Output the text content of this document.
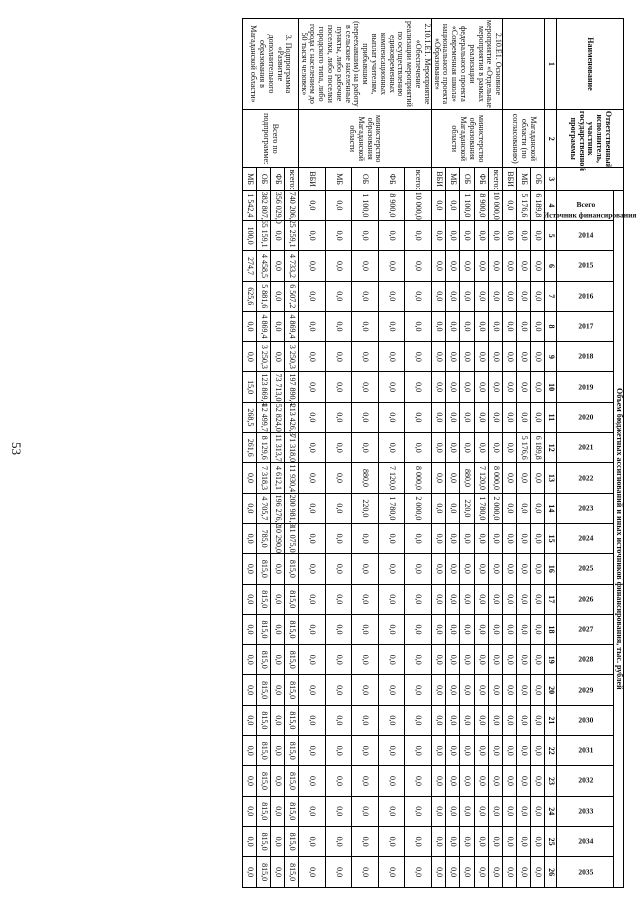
53
Наименование	Ответственный исполнитель, участник государственной программы	Источник финансирования	Объем бюджетных ассигнований и иных источников финансирования, тыс. рублей																						
			Всего	2014	2015	2016	2017	2018	2019	2020	2021	2022	2023	2024	2025	2026	2027	2028	2029	2030	2031	2032	2033	2034	2035

1	2	3	4	5	6	7	8	9	10	11	12	13	14	15	16	17	18	19	20	21	22	23	24	25	26
	Магаданской области (по согласованию)	ОБ	6 189,8	0,0	0,0	0,0	0,0	0,0	0,0	0,0	6 189,8	0,0	0,0	0,0	0,0	0,0	0,0	0,0	0,0	0,0	0,0	0,0	0,0	0,0	0,0
		МБ	5 176,6	0,0	0,0	0,0	0,0	0,0	0,0	0,0	5 176,6	0,0	0,0	0,0	0,0	0,0	0,0	0,0	0,0	0,0	0,0	0,0	0,0	0,0	0,0
		ВБИ	0,0	0,0	0,0	0,0	0,0	0,0	0,0	0,0	0,0	0,0	0,0	0,0	0,0	0,0	0,0	0,0	0,0	0,0	0,0	0,0	0,0	0,0	0,0
2.10.Е1. Основное мероприятие «Отдельные мероприятия в рамках реализации федерального проекта «Современная школа» национального проекта «Образование»	министерство образования Магаданской области	всего:	10 000,0	0,0	0,0	0,0	0,0	0,0	0,0	0,0	0,0	8 000,0	2 000,0	0,0	0,0	0,0	0,0	0,0	0,0	0,0	0,0	0,0	0,0	0,0	0,0
		ФБ	8 900,0	0,0	0,0	0,0	0,0	0,0	0,0	0,0	0,0	7 120,0	1 780,0	0,0	0,0	0,0	0,0	0,0	0,0	0,0	0,0	0,0	0,0	0,0	0,0
		ОБ	1 100,0	0,0	0,0	0,0	0,0	0,0	0,0	0,0	0,0	880,0	220,0	0,0	0,0	0,0	0,0	0,0	0,0	0,0	0,0	0,0	0,0	0,0	0,0
		МБ	0,0	0,0	0,0	0,0	0,0	0,0	0,0	0,0	0,0	0,0	0,0	0,0	0,0	0,0	0,0	0,0	0,0	0,0	0,0	0,0	0,0	0,0	0,0
		ВБИ	0,0	0,0	0,0	0,0	0,0	0,0	0,0	0,0	0,0	0,0	0,0	0,0	0,0	0,0	0,0	0,0	0,0	0,0	0,0	0,0	0,0	0,0	0,0
2.10.1.Е1. Мероприятие «Обеспечение реализации мероприятий по осуществлению единовременных компенсационных выплат учителям, прибывшим (переехавшим) на работу в сельские населенные пункты, либо рабочие поселки, либо поселки городского типа, либо города с населением до 50 тысяч человек»	министерство образования Магаданской области	всего:	10 000,0	0,0	0,0	0,0	0,0	0,0	0,0	0,0	0,0	8 000,0	2 000,0	0,0	0,0	0,0	0,0	0,0	0,0	0,0	0,0	0,0	0,0	0,0	0,0
		ФБ	8 900,0	0,0	0,0	0,0	0,0	0,0	0,0	0,0	0,0	7 120,0	1 780,0	0,0	0,0	0,0	0,0	0,0	0,0	0,0	0,0	0,0	0,0	0,0	0,0
		ОБ	1 100,0	0,0	0,0	0,0	0,0	0,0	0,0	0,0	0,0	880,0	220,0	0,0	0,0	0,0	0,0	0,0	0,0	0,0	0,0	0,0	0,0	0,0	0,0
		МБ	0,0	0,0	0,0	0,0	0,0	0,0	0,0	0,0	0,0	0,0	0,0	0,0	0,0	0,0	0,0	0,0	0,0	0,0	0,0	0,0	0,0	0,0	0,0
		ВБИ	0,0	0,0	0,0	0,0	0,0	0,0	0,0	0,0	0,0	0,0	0,0	0,0	0,0	0,0	0,0	0,0	0,0	0,0	0,0	0,0	0,0	0,0	0,0
3. Подпрограмма «Развитие дополнительного образования в Магаданской области»	Всего по подпрограмме:	всего:	740 206,2	5 259,1	4 733,2	6 507,2	4 869,4	3 250,3	197 890,4	213 426,3	71 318,0	11 930,4	200 981,9	11 075,0	815,0	815,0	815,0	815,0	815,0	815,0	815,0	815,0	815,0	815,0	815,0
		ФБ	356 029,0	0,0	0,0	0,0	0,0	0,0	73 713,0	52 824,0	11 313,7	4 612,1	196 276,2	10 290,0	0,0	0,0	0,0	0,0	0,0	0,0	0,0	0,0	0,0	0,0	0,0
		ОБ	382 807,6	5 159,1	4 458,5	5 881,6	4 869,4	3 250,3	123 869,4	12 499,7	8 129,6	7 318,3	4 705,7	785,0	815,0	815,0	815,0	815,0	815,0	815,0	815,0	815,0	815,0	815,0	815,0
		МБ	1 542,4	100,0	274,7	625,6	0,0	0,0	15,0	268,5	261,6	0,0	0,0	0,0	0,0	0,0	0,0	0,0	0,0	0,0	0,0	0,0	0,0	0,0	0,0
